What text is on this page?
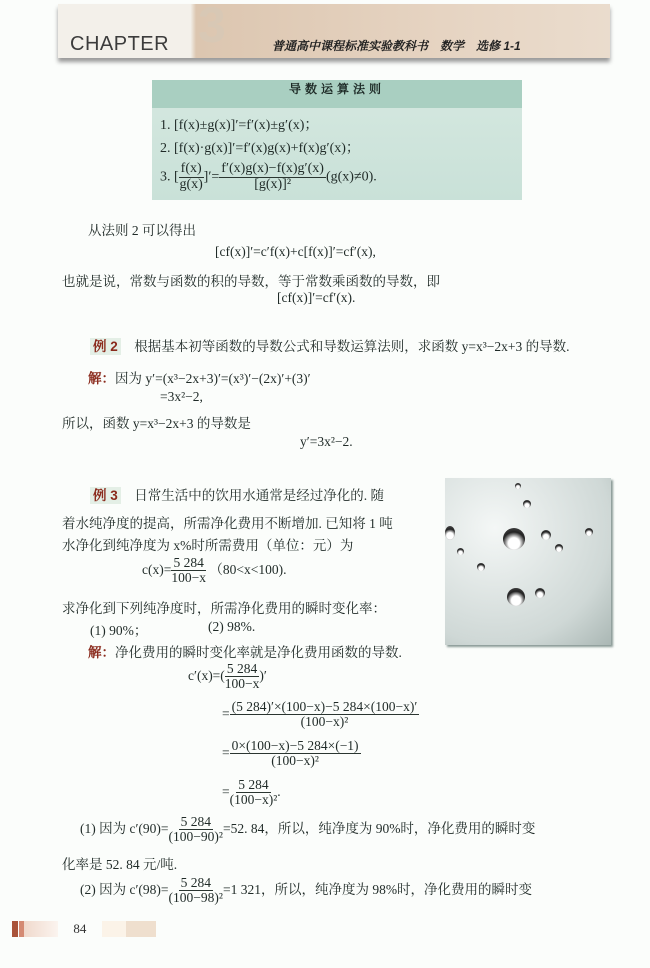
3
CHAPTER	普通高中课程标准实验教科书　数学　选修 1-1
导数运算法则
1. [f(x)±g(x)]′=f′(x)±g′(x)；
2. [f(x)·g(x)]′=f′(x)g(x)+f(x)g′(x)；
3. [ $\frac{f(x)}{g(x)}$ ]′= $\frac{f'(x)g(x)-f(x)g'(x)}{\text{[g(x)]²}} (g(x)\ne 0)$.
从法则 2 可以得出
[cf(x)]′=c′f(x)+c[f(x)]′=cf′(x),
也就是说，常数与函数的积的导数，等于常数乘函数的导数，即
[cf(x)]′=cf′(x).
例 2　 根据基本初等函数的导数公式和导数运算法则，求函数 y=x³−2x+3 的导数.
解：因为 y′=(x³−2x+3)′=(x³)′−(2x)′+(3)′
=3x²−2,
所以，函数 y=x³−2x+3 的导数是
y′=3x²−2.
例 3　 日常生活中的饮用水通常是经过净化的. 随
着水纯净度的提高，所需净化费用不断增加. 已知将 1 吨
水净化到纯净度为 x%时所需费用（单位：元）为
$c(x)= \frac{5 284}{100-x} (80<x<100)$.
求净化到下列纯净度时，所需净化费用的瞬时变化率：
(1) 90%；	(2) 98%.
解：净化费用的瞬时变化率就是净化费用函数的导数.
$c'(x)=( \frac{5 284}{100-x}$ )′
= $\frac{(5 284)'\times(100-x)-5 284\times(100-x)'}{\text{(100−x)²}}$
= $\frac{0\times(100-x)-5 284\times(-1)}{\text{(100−x)²}}$
= $\frac{5 284}{\text{(100−x)²}}$ .
(1) 因为 $c'(90)= \frac{5 284}{\text{(100−90)²}} =52$. 84，所以，纯净度为 90%时，净化费用的瞬时变
化率是 52. 84 元/吨.
(2) 因为 $c'(98)= \frac{5 284}{\text{(100−98)²}} =1$ 321，所以，纯净度为 98%时，净化费用的瞬时变
84
